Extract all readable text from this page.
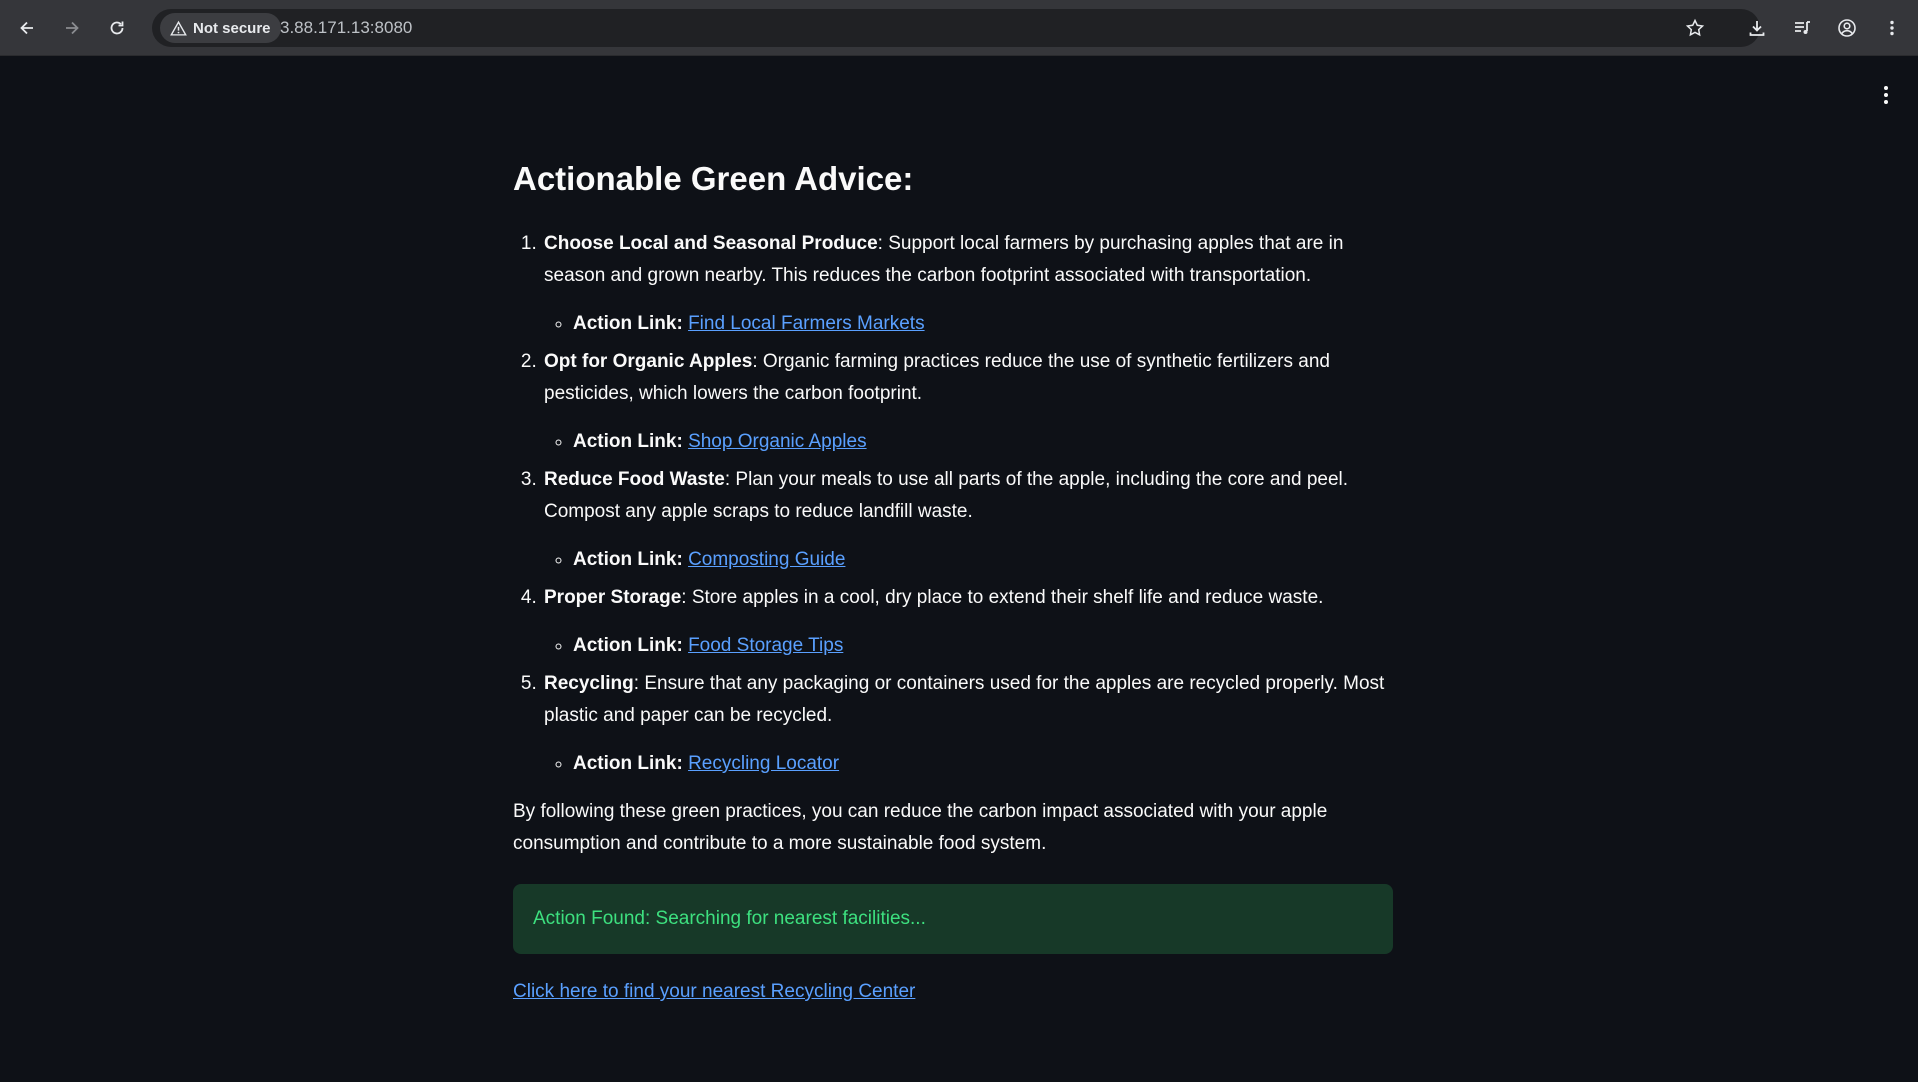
Not secure 3.88.171.13:8080
Actionable Green Advice:
1. Choose Local and Seasonal Produce: Support local farmers by purchasing apples that are in season and grown nearby. This reduces the carbon footprint associated with transportation.
◦ Action Link: Find Local Farmers Markets
2. Opt for Organic Apples: Organic farming practices reduce the use of synthetic fertilizers and pesticides, which lowers the carbon footprint.
◦ Action Link: Shop Organic Apples
3. Reduce Food Waste: Plan your meals to use all parts of the apple, including the core and peel. Compost any apple scraps to reduce landfill waste.
◦ Action Link: Composting Guide
4. Proper Storage: Store apples in a cool, dry place to extend their shelf life and reduce waste.
◦ Action Link: Food Storage Tips
5. Recycling: Ensure that any packaging or containers used for the apples are recycled properly. Most plastic and paper can be recycled.
◦ Action Link: Recycling Locator

By following these green practices, you can reduce the carbon impact associated with your apple consumption and contribute to a more sustainable food system.

Action Found: Searching for nearest facilities...
Click here to find your nearest Recycling Center
